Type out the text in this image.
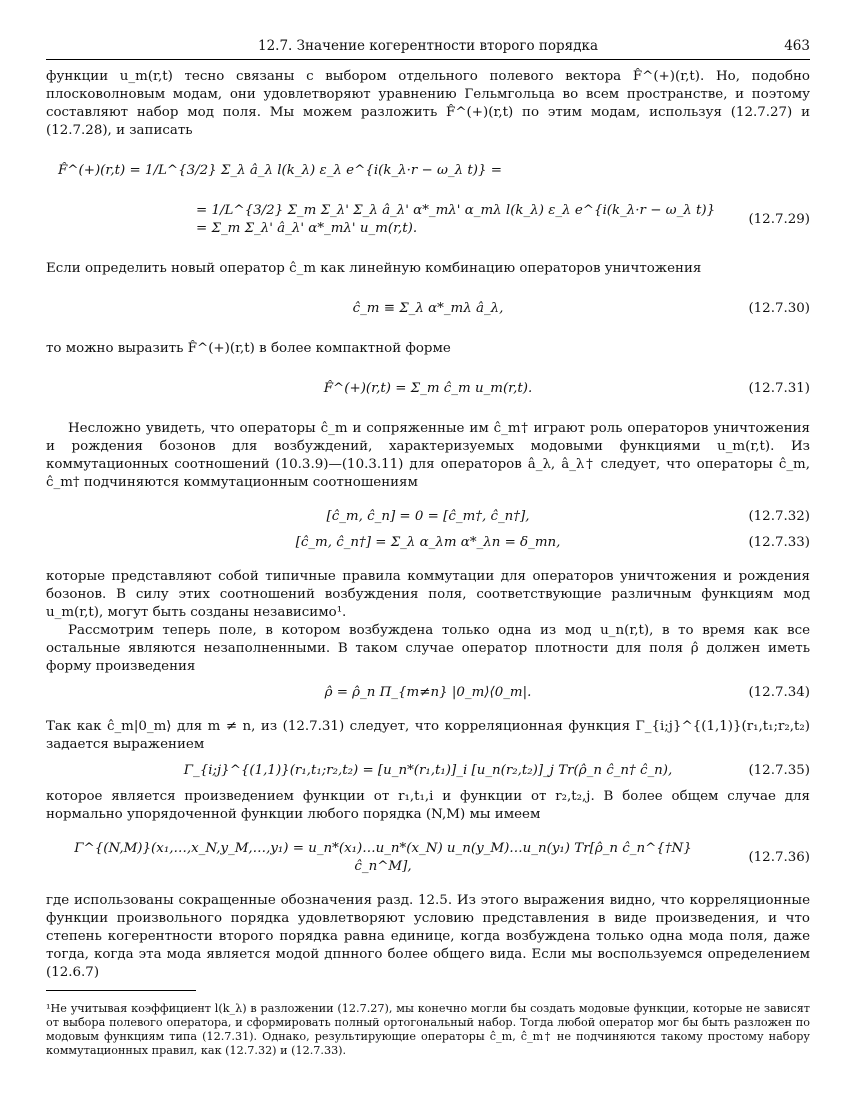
12.7. Значение когерентности второго порядка	463

функции u_m(r,t) тесно связаны с выбором отдельного полевого вектора F̂^(+)(r,t). Но, подобно плосковолновым модам, они удовлетворяют уравнению Гельмгольца во всем пространстве, и поэтому составляют набор мод поля. Мы можем разложить F̂^(+)(r,t) по этим модам, используя (12.7.27) и (12.7.28), и записать

F̂^(+)(r,t) = 1/L^{3/2} Σ_λ â_λ l(k_λ) ε_λ e^{i(k_λ·r − ω_λ t)} =
= 1/L^{3/2} Σ_m Σ_λ' Σ_λ â_λ' α*_mλ' α_mλ l(k_λ) ε_λ e^{i(k_λ·r − ω_λ t)} = Σ_m Σ_λ' â_λ' α*_mλ' u_m(r,t).
(12.7.29)

Если определить новый оператор ĉ_m как линейную комбинацию операторов уничтожения

ĉ_m ≡ Σ_λ α*_mλ â_λ,	(12.7.30)

то можно выразить F̂^(+)(r,t) в более компактной форме

F̂^(+)(r,t) = Σ_m ĉ_m u_m(r,t).	(12.7.31)

Несложно увидеть, что операторы ĉ_m и сопряженные им ĉ_m† играют роль операторов уничтожения и рождения бозонов для возбуждений, характеризуемых модовыми функциями u_m(r,t). Из коммутационных соотношений (10.3.9)—(10.3.11) для операторов â_λ, â_λ† следует, что операторы ĉ_m, ĉ_m† подчиняются коммутационным соотношениям

[ĉ_m, ĉ_n] = 0 = [ĉ_m†, ĉ_n†],	(12.7.32)
[ĉ_m, ĉ_n†] = Σ_λ α_λm α*_λn = δ_mn,	(12.7.33)

которые представляют собой типичные правила коммутации для операторов уничтожения и рождения бозонов. В силу этих соотношений возбуждения поля, соответствующие различным функциям мод u_m(r,t), могут быть созданы независимо¹.

Рассмотрим теперь поле, в котором возбуждена только одна из мод u_n(r,t), в то время как все остальные являются незаполненными. В таком случае оператор плотности для поля ρ̂ должен иметь форму произведения

ρ̂ = ρ̂_n Π_{m≠n} |0_m⟩⟨0_m|.	(12.7.34)

Так как ĉ_m|0_m⟩ для m ≠ n, из (12.7.31) следует, что корреляционная функция Γ_{i;j}^{(1,1)}(r₁,t₁;r₂,t₂) задается выражением

Γ_{i;j}^{(1,1)}(r₁,t₁;r₂,t₂) = [u_n*(r₁,t₁)]_i [u_n(r₂,t₂)]_j Tr(ρ̂_n ĉ_n† ĉ_n),	(12.7.35)

которое является произведением функции от r₁,t₁,i и функции от r₂,t₂,j. В более общем случае для нормально упорядоченной функции любого порядка (N,M) мы имеем

Γ^{(N,M)}(x₁,…,x_N,y_M,…,y₁) = u_n*(x₁)…u_n*(x_N) u_n(y_M)…u_n(y₁) Tr[ρ̂_n ĉ_n^{†N} ĉ_n^M],
(12.7.36)

где использованы сокращенные обозначения разд. 12.5. Из этого выражения видно, что корреляционные функции произвольного порядка удовлетворяют условию представления в виде произведения, и что степень когерентности второго порядка равна единице, когда возбуждена только одна мода поля, даже тогда, когда эта мода является модой дпнного более общего вида. Если мы воспользуемся определением (12.6.7)

¹Не учитывая коэффициент l(k_λ) в разложении (12.7.27), мы конечно могли бы создать модовые функции, которые не зависят от выбора полевого оператора, и сформировать полный ортогональный набор. Тогда любой оператор мог бы быть разложен по модовым функциям типа (12.7.31). Однако, результирующие операторы ĉ_m, ĉ_m† не подчиняются такому простому набору коммутационных правил, как (12.7.32) и (12.7.33).
